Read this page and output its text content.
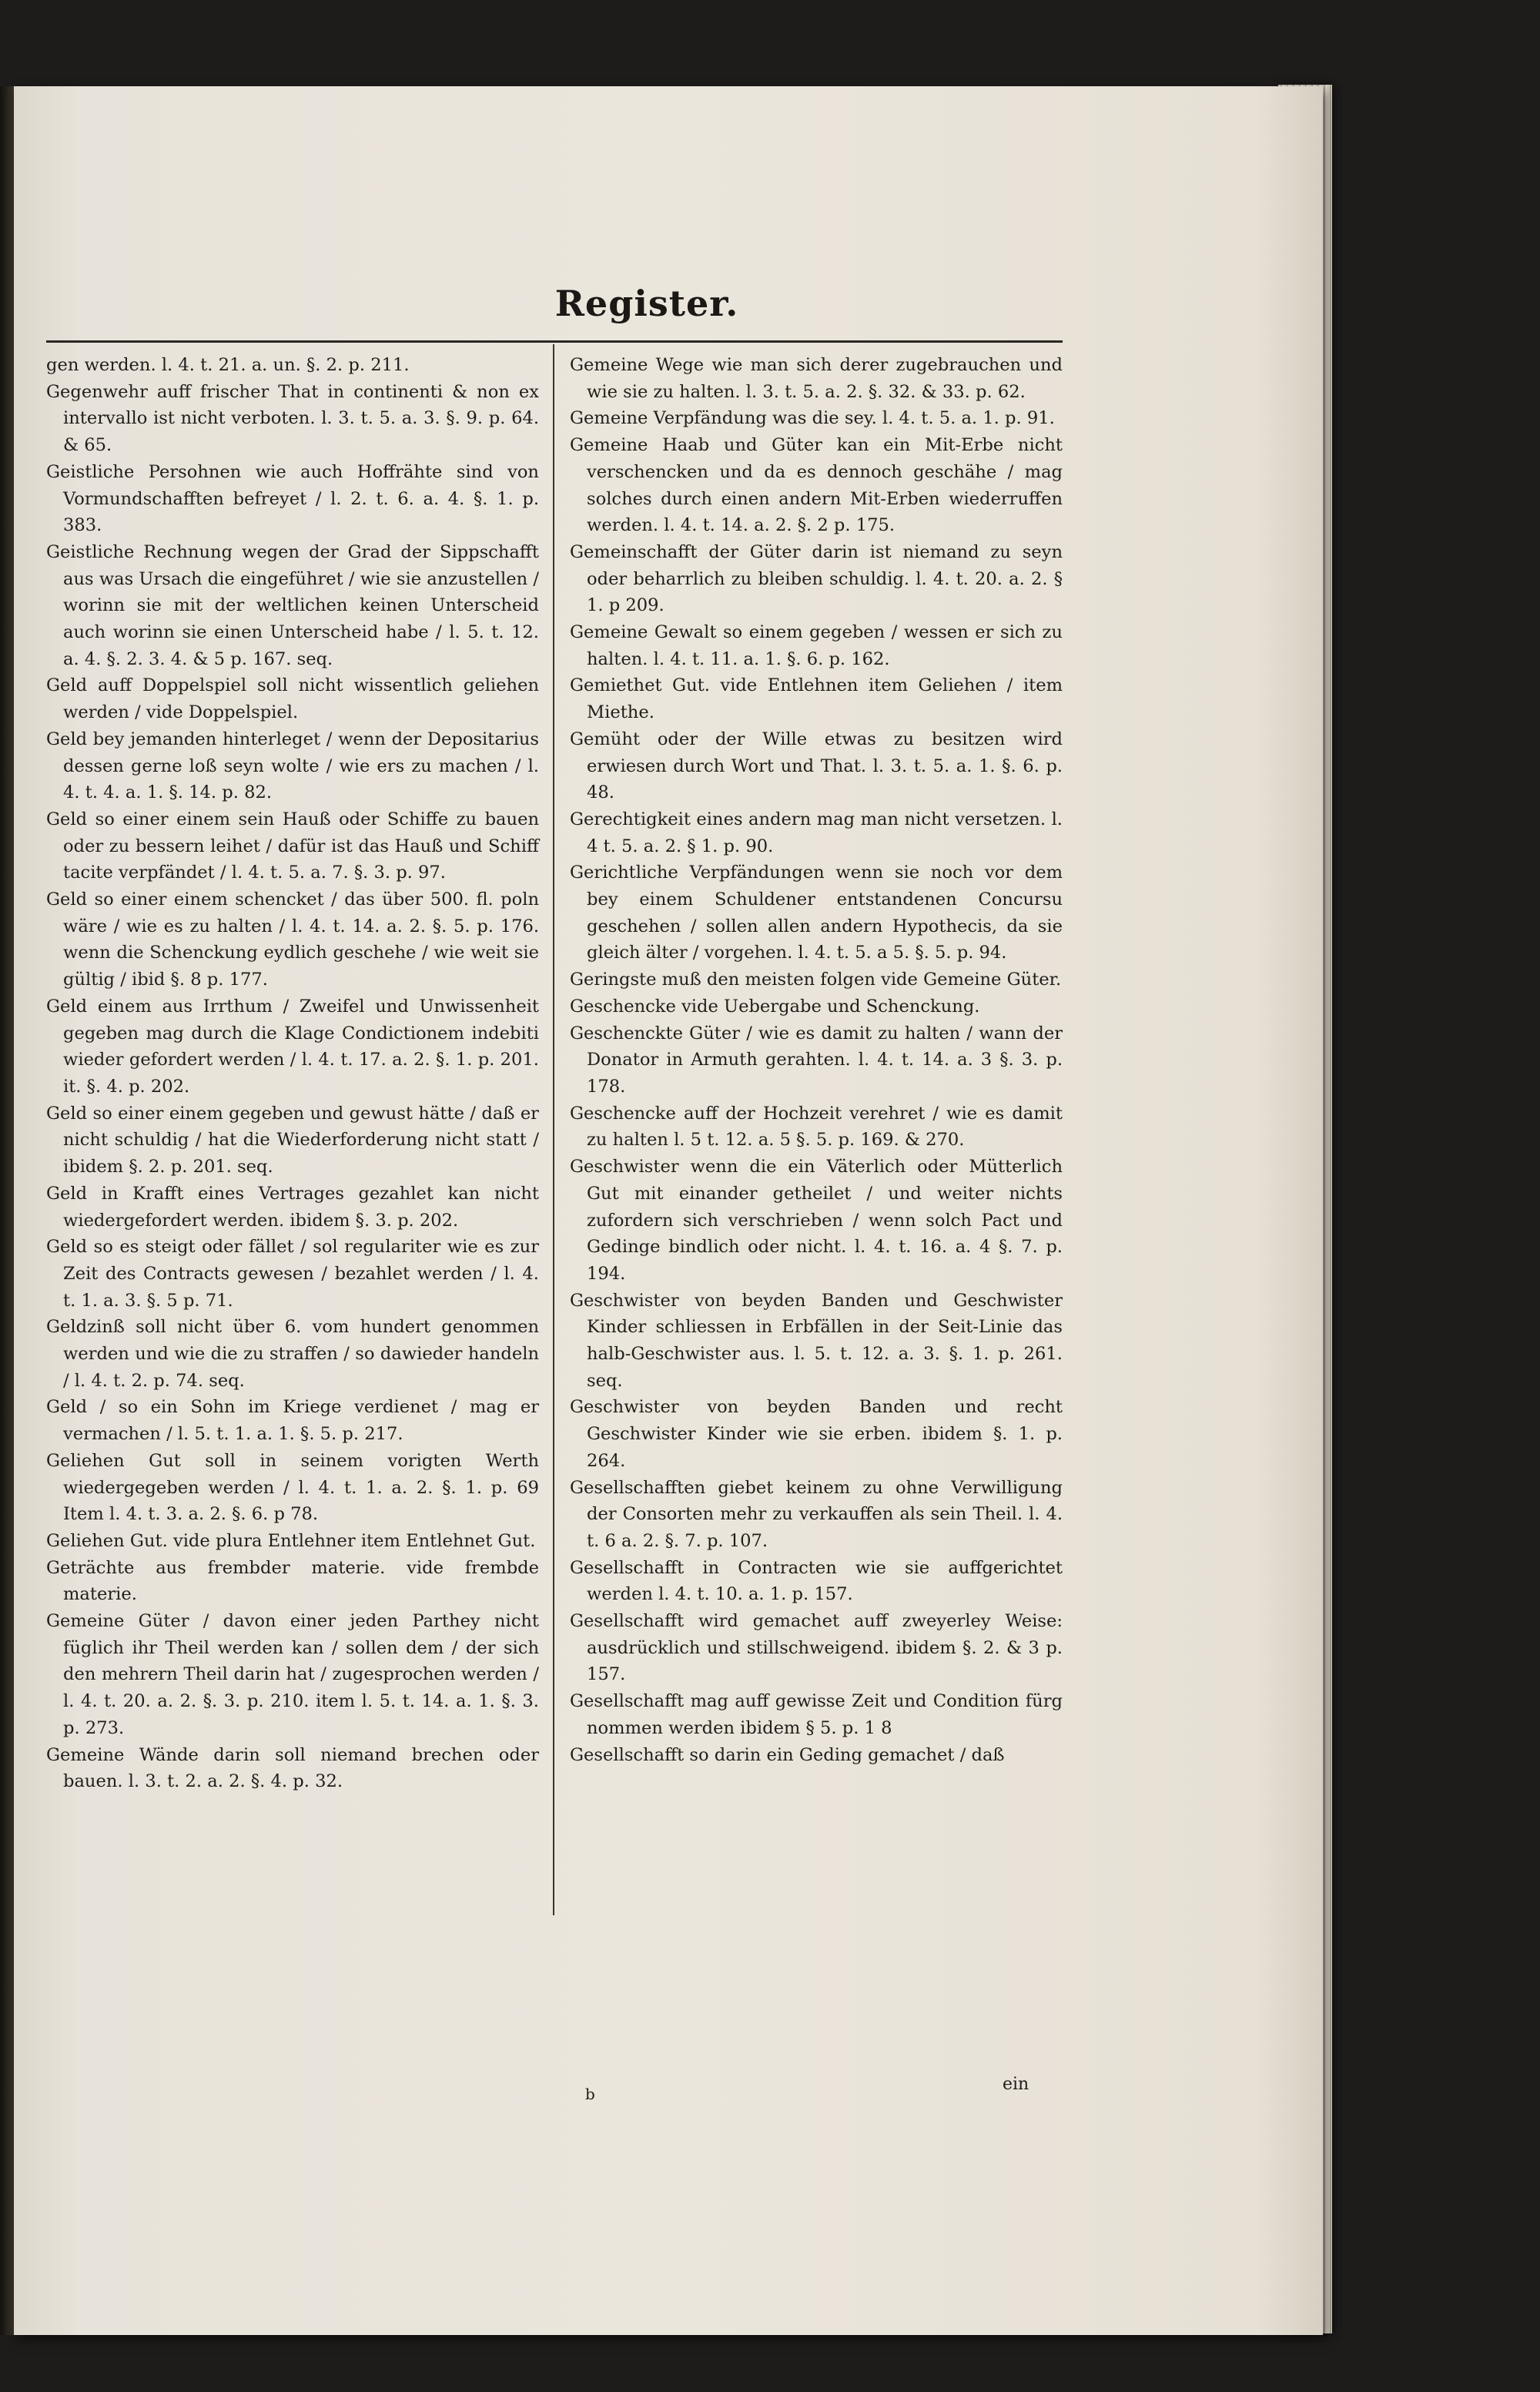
Register.

gen werden. l. 4. t. 21. a. un. §. 2. p. 211.

Gegenwehr auff frischer That in continenti & non ex intervallo ist nicht verboten. l. 3. t. 5. a. 3. §. 9. p. 64. & 65.

Geistliche Persohnen wie auch Hoffrähte sind von Vormundschafften befreyet / l. 2. t. 6. a. 4. §. 1. p. 383.

Geistliche Rechnung wegen der Grad der Sippschafft aus was Ursach die eingeführet / wie sie anzustellen / worinn sie mit der weltlichen keinen Unterscheid auch worinn sie einen Unterscheid habe / l. 5. t. 12. a. 4. §. 2. 3. 4. & 5 p. 167. seq.

Geld auff Doppelspiel soll nicht wissentlich geliehen werden / vide Doppelspiel.

Geld bey jemanden hinterleget / wenn der Depositarius dessen gerne loß seyn wolte / wie ers zu machen / l. 4. t. 4. a. 1. §. 14. p. 82.

Geld so einer einem sein Hauß oder Schiffe zu bauen oder zu bessern leihet / dafür ist das Hauß und Schiff tacite verpfändet / l. 4. t. 5. a. 7. §. 3. p. 97.

Geld so einer einem schencket / das über 500. fl. poln wäre / wie es zu halten / l. 4. t. 14. a. 2. §. 5. p. 176. wenn die Schenckung eydlich geschehe / wie weit sie gültig / ibid §. 8 p. 177.

Geld einem aus Irrthum / Zweifel und Unwissenheit gegeben mag durch die Klage Condictionem indebiti wieder gefordert werden / l. 4. t. 17. a. 2. §. 1. p. 201. it. §. 4. p. 202.

Geld so einer einem gegeben und gewust hätte / daß er nicht schuldig / hat die Wiederforderung nicht statt / ibidem §. 2. p. 201. seq.

Geld in Krafft eines Vertrages gezahlet kan nicht wiedergefordert werden. ibidem §. 3. p. 202.

Geld so es steigt oder fället / sol regulariter wie es zur Zeit des Contracts gewesen / bezahlet werden / l. 4. t. 1. a. 3. §. 5 p. 71.

Geldzinß soll nicht über 6. vom hundert genommen werden und wie die zu straffen / so dawieder handeln / l. 4. t. 2. p. 74. seq.

Geld / so ein Sohn im Kriege verdienet / mag er vermachen / l. 5. t. 1. a. 1. §. 5. p. 217.

Geliehen Gut soll in seinem vorigten Werth wiedergegeben werden / l. 4. t. 1. a. 2. §. 1. p. 69 Item l. 4. t. 3. a. 2. §. 6. p 78.

Geliehen Gut. vide plura Entlehner item Entlehnet Gut.

Geträchte aus frembder materie. vide frembde materie.

Gemeine Güter / davon einer jeden Parthey nicht füglich ihr Theil werden kan / sollen dem / der sich den mehrern Theil darin hat / zugesprochen werden / l. 4. t. 20. a. 2. §. 3. p. 210. item l. 5. t. 14. a. 1. §. 3. p. 273.

Gemeine Wände darin soll niemand brechen oder bauen. l. 3. t. 2. a. 2. §. 4. p. 32.

Gemeine Wege wie man sich derer zugebrauchen und wie sie zu halten. l. 3. t. 5. a. 2. §. 32. & 33. p. 62.

Gemeine Verpfändung was die sey. l. 4. t. 5. a. 1. p. 91.

Gemeine Haab und Güter kan ein Mit-Erbe nicht verschencken und da es dennoch geschähe / mag solches durch einen andern Mit-Erben wiederruffen werden. l. 4. t. 14. a. 2. §. 2 p. 175.

Gemeinschafft der Güter darin ist niemand zu seyn oder beharrlich zu bleiben schuldig. l. 4. t. 20. a. 2. § 1. p 209.

Gemeine Gewalt so einem gegeben / wessen er sich zu halten. l. 4. t. 11. a. 1. §. 6. p. 162.

Gemiethet Gut. vide Entlehnen item Geliehen / item Miethe.

Gemüht oder der Wille etwas zu besitzen wird erwiesen durch Wort und That. l. 3. t. 5. a. 1. §. 6. p. 48.

Gerechtigkeit eines andern mag man nicht versetzen. l. 4 t. 5. a. 2. § 1. p. 90.

Gerichtliche Verpfändungen wenn sie noch vor dem bey einem Schuldener entstandenen Concursu geschehen / sollen allen andern Hypothecis, da sie gleich älter / vorgehen. l. 4. t. 5. a 5. §. 5. p. 94.

Geringste muß den meisten folgen vide Gemeine Güter.

Geschencke vide Uebergabe und Schenckung.

Geschenckte Güter / wie es damit zu halten / wann der Donator in Armuth gerahten. l. 4. t. 14. a. 3 §. 3. p. 178.

Geschencke auff der Hochzeit verehret / wie es damit zu halten l. 5 t. 12. a. 5 §. 5. p. 169. & 270.

Geschwister wenn die ein Väterlich oder Mütterlich Gut mit einander getheilet / und weiter nichts zufordern sich verschrieben / wenn solch Pact und Gedinge bindlich oder nicht. l. 4. t. 16. a. 4 §. 7. p. 194.

Geschwister von beyden Banden und Geschwister Kinder schliessen in Erbfällen in der Seit-Linie das halb-Geschwister aus. l. 5. t. 12. a. 3. §. 1. p. 261. seq.

Geschwister von beyden Banden und recht Geschwister Kinder wie sie erben. ibidem §. 1. p. 264.

Gesellschafften giebet keinem zu ohne Verwilligung der Consorten mehr zu verkauffen als sein Theil. l. 4. t. 6 a. 2. §. 7. p. 107.

Gesellschafft in Contracten wie sie auffgerichtet werden l. 4. t. 10. a. 1. p. 157.

Gesellschafft wird gemachet auff zweyerley Weise: ausdrücklich und stillschweigend. ibidem §. 2. & 3 p. 157.

Gesellschafft mag auff gewisse Zeit und Condition fürg nommen werden ibidem § 5. p. 1 8

Gesellschafft so darin ein Geding gemachet / daß

b	ein
